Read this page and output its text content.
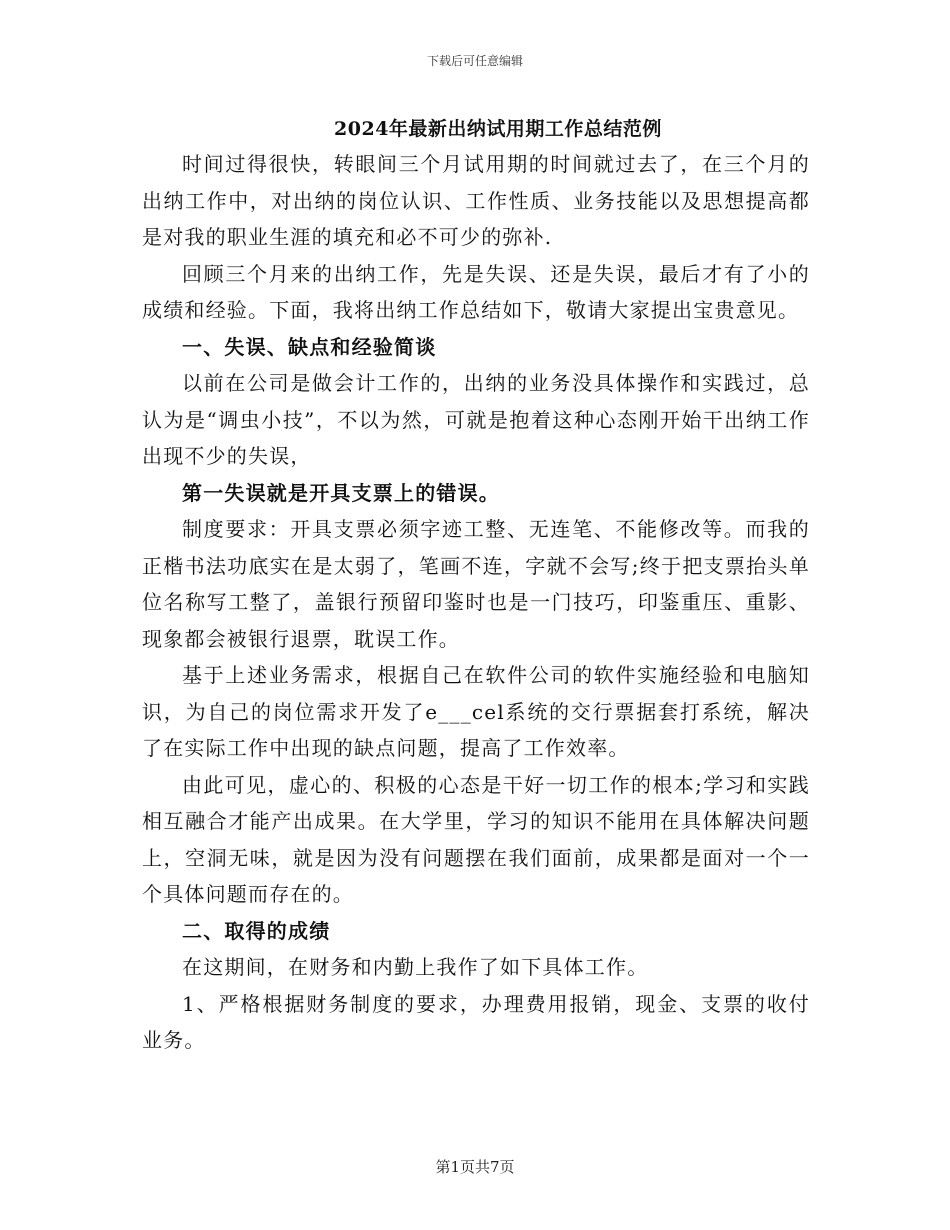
下载后可任意编辑
2024年最新出纳试用期工作总结范例

时间过得很快，转眼间三个月试用期的时间就过去了，在三个月的出纳工作中，对出纳的岗位认识、工作性质、业务技能以及思想提高都是对我的职业生涯的填充和必不可少的弥补.

回顾三个月来的出纳工作，先是失误、还是失误，最后才有了小的成绩和经验。下面，我将出纳工作总结如下，敬请大家提出宝贵意见。

一、失误、缺点和经验简谈

以前在公司是做会计工作的，出纳的业务没具体操作和实践过，总认为是“调虫小技”，不以为然，可就是抱着这种心态刚开始干出纳工作出现不少的失误，

第一失误就是开具支票上的错误。

制度要求：开具支票必须字迹工整、无连笔、不能修改等。而我的正楷书法功底实在是太弱了，笔画不连，字就不会写;终于把支票抬头单位名称写工整了，盖银行预留印鉴时也是一门技巧，印鉴重压、重影、现象都会被银行退票，耽误工作。

基于上述业务需求，根据自己在软件公司的软件实施经验和电脑知识，为自己的岗位需求开发了e___cel系统的交行票据套打系统，解决了在实际工作中出现的缺点问题，提高了工作效率。

由此可见，虚心的、积极的心态是干好一切工作的根本;学习和实践相互融合才能产出成果。在大学里，学习的知识不能用在具体解决问题上，空洞无味，就是因为没有问题摆在我们面前，成果都是面对一个一个具体问题而存在的。

二、取得的成绩

在这期间，在财务和内勤上我作了如下具体工作。

1、严格根据财务制度的要求，办理费用报销，现金、支票的收付业务。

第1页共7页
